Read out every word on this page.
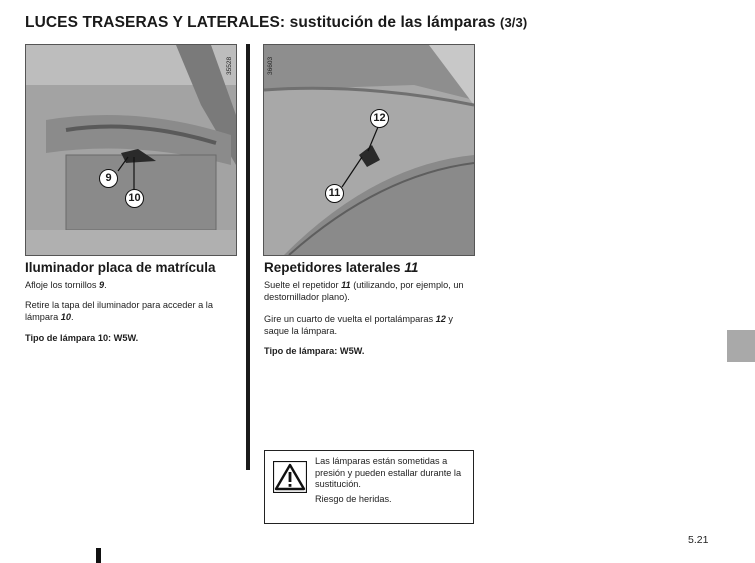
LUCES TRASERAS Y LATERALES: sustitución de las lámparas (3/3)
9
10
35528
Iluminador placa de matrícula
Afloje los tornillos 9.
Retire la tapa del iluminador para acceder a la lámpara 10.
Tipo de lámpara 10: W5W.
12
11
36603
Repetidores laterales 11
Suelte el repetidor 11 (utilizando, por ejemplo, un destornillador plano).
Gire un cuarto de vuelta el portalámparas 12 y saque la lámpara.
Tipo de lámpara: W5W.
Las lámparas están sometidas a presión y pueden estallar durante la sustitución.
Riesgo de heridas.
5.21
